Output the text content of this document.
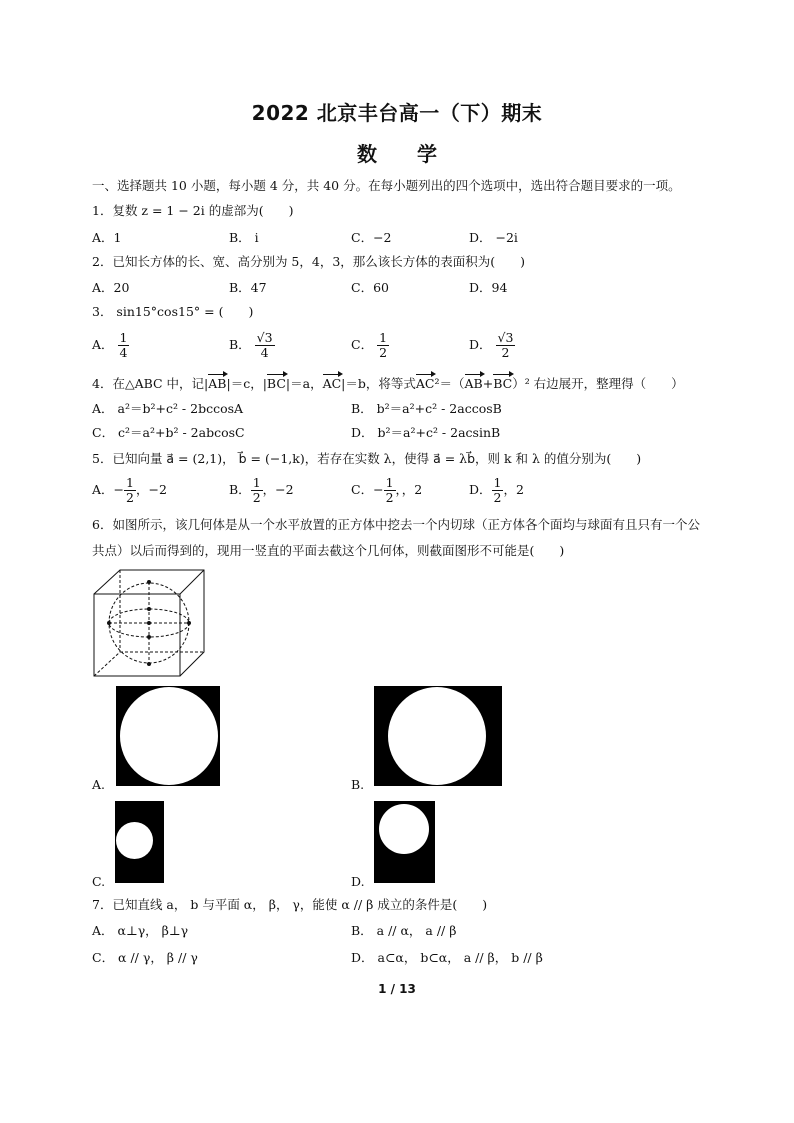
2022 北京丰台高一（下）期末
数　　学
一、选择题共 10 小题，每小题 4 分，共 40 分。在每小题列出的四个选项中，选出符合题目要求的一项。
1．复数 z = 1 − 2i 的虚部为(　　)
A．1	B． i	C．−2	D． −2i
2．已知长方体的长、宽、高分别为 5，4，3，那么该长方体的表面积为(　　)
A．20	B．47	C．60	D．94
3． sin15°cos15° = (　　)
A． $\frac{1}{4}$	B． $\frac{√3}{4}$	C． $\frac{1}{2}$	D． $\frac{√3}{2}$
4．在△ABC 中，记|AB|＝c，|BC|＝a，AC|＝b，将等式AC²＝（AB+BC）² 右边展开，整理得（　　）
A． a²＝b²+c² - 2bccosA	B． b²＝a²+c² - 2accosB
C． c²＝a²+b² - 2abcosC	D． b²＝a²+c² - 2acsinB
5．已知向量 a⃗ = (2,1)， b⃗ = (−1,k)，若存在实数 λ，使得 a⃗ = λb⃗，则 k 和 λ 的值分别为(　　)
A．− $\frac{1}{2}$ ，−2	B． $\frac{1}{2}$ ，−2	C．− $\frac{1}{2}$ ，，2	D． $\frac{1}{2}$ ，2
6．如图所示，该几何体是从一个水平放置的正方体中挖去一个内切球（正方体各个面均与球面有且只有一个公共点）以后而得到的，现用一竖直的平面去截这个几何体，则截面图形不可能是(　　)
A.	B.
C.	D.
7．已知直线 a， b 与平面 α， β， γ，能使 α // β 成立的条件是(　　)
A． α⊥γ， β⊥γ	B． a // α， a // β
C． α // γ， β // γ	D． a⊂α， b⊂α， a // β， b // β
1 / 13
